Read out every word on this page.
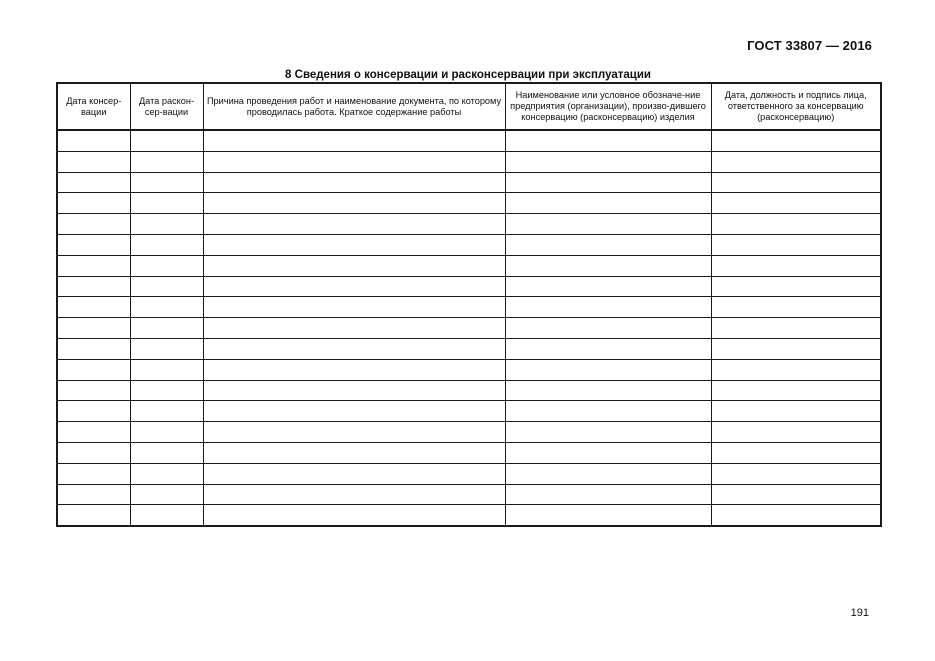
ГОСТ 33807 — 2016
8 Сведения о консервации и расконсервации при эксплуатации
Дата консер-вации	Дата раскон-сер-вации	Причина проведения работ и наименование документа, по которому проводилась работа. Краткое содержание работы	Наименование или условное обозначе-ние предприятия (организации), произво-дившего консервацию (расконсервацию) изделия	Дата, должность и подпись лица, ответственного за консервацию (расконсервацию)

191
